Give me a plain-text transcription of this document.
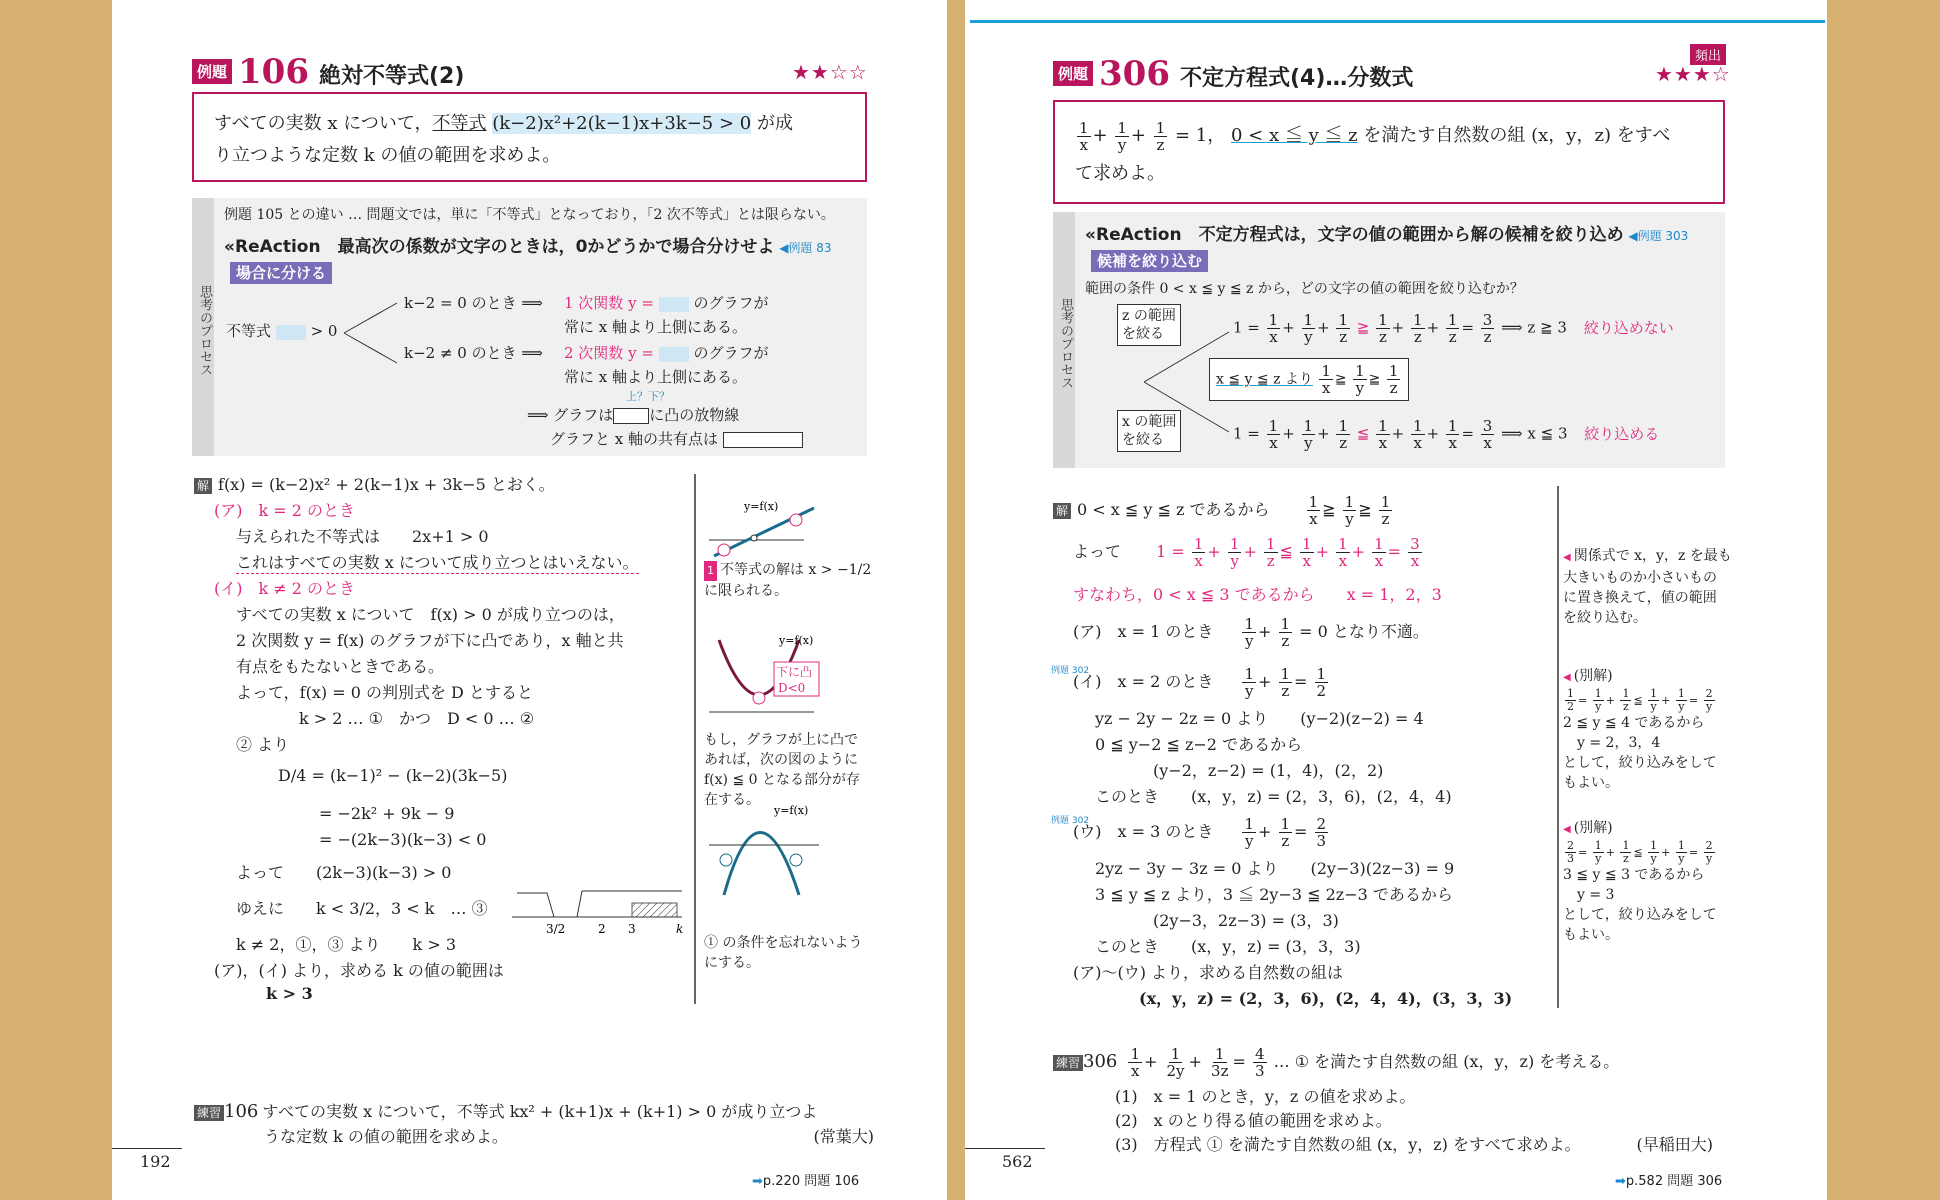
例題 106 絶対不等式(2)	★★☆☆
すべての実数 x について，不等式 (k−2)x²+2(k−1)x+3k−5 > 0 が成
り立つような定数 k の値の範囲を求めよ。
思考のプロセス
例題 105 との違い … 問題文では，単に「不等式」となっており，「2 次不等式」とは限らない。
«ReAction　最高次の係数が文字のときは，0かどうかで場合分けせよ ◀例題 83
場合に分ける
不等式	> 0
k−2 = 0 のとき ⟹ 1 次関数 y =	のグラフが
常に x 軸より上側にある。
k−2 ≠ 0 のとき ⟹ 2 次関数 y =	のグラフが
常に x 軸より上側にある。
上？下？
⟹ グラフは に凸の放物線
グラフと x 軸の共有点は
解 f(x) = (k−2)x² + 2(k−1)x + 3k−5 とおく。
(ア)　k = 2 のとき
与えられた不等式は　　2x+1 > 0
これはすべての実数 x について成り立つとはいえない。
(イ)　k ≠ 2 のとき
すべての実数 x について　f(x) > 0 が成り立つのは，
2 次関数 y = f(x) のグラフが下に凸であり，x 軸と共
有点をもたないときである。
よって，f(x) = 0 の判別式を D とすると
k > 2 … ①　かつ　D < 0 … ②
② より
D/4 = (k−1)² − (k−2)(3k−5)
= −2k² + 9k − 9
= −(2k−3)(k−3) < 0
よって　　(2k−3)(k−3) > 0
ゆえに　　k < 3/2，3 < k　… ③
k ≠ 2，①，③ より　　k > 3
(ア)，(イ) より，求める k の値の範囲は
k > 3
3/2	2 3	k
y=f(x)
1 不等式の解は x > −1/2
に限られる。
下に凸
D<0
y=f(x)
もし，グラフが上に凸で
あれば，次の図のように
f(x) ≦ 0 となる部分が存
在する。
y=f(x)
① の条件を忘れないよう
にする。
練習 106 すべての実数 x について，不等式 kx² + (k+1)x + (k+1) > 0 が成り立つよ
うな定数 k の値の範囲を求めよ。	(常葉大)
192
➡p.220 問題 106
例題 306 不定方程式(4)…分数式
頻出
★★★☆
$\frac{1}{x} + \frac{1}{y} + \frac{1}{z} = 1$， 0 < x ≦ y ≦ z を満たす自然数の組 (x，y，z) をすべ
て求めよ。
思考のプロセス
«ReAction　不定方程式は，文字の値の範囲から解の候補を絞り込め ◀例題 303
候補を絞り込む
範囲の条件 0 < x ≦ y ≦ z から，どの文字の値の範囲を絞り込むか？
z の範囲
を絞る
x の範囲
を絞る
$1 = \frac{1}{x} + \frac{1}{y} + \frac{1}{z}$ ≧ $\frac{1}{z} + \frac{1}{z} + \frac{1}{z} = \frac{3}{z}$ ⟹ z ≧ 3 絞り込めない
x ≦ y ≦ z より $\frac{1}{x}$ ≧ $\frac{1}{y}$ ≧ $\frac{1}{z}$
$1 = \frac{1}{x} + \frac{1}{y} + \frac{1}{z}$ ≦ $\frac{1}{x} + \frac{1}{x} + \frac{1}{x} = \frac{3}{x}$ ⟹ x ≦ 3 絞り込める
解 0 < x ≦ y ≦ z であるから $\frac{1}{x}$ ≧ $\frac{1}{y}$ ≧ $\frac{1}{z}$
よって $1 = \frac{1}{x} + \frac{1}{y} + \frac{1}{z}$ ≦ $\frac{1}{x} + \frac{1}{x} + \frac{1}{x} = \frac{3}{x}$
すなわち，0 < x ≦ 3 であるから　　x = 1，2，3
(ア)　x = 1 のとき $\frac{1}{y} + \frac{1}{z} = 0$ となり不適。
例題 302
(イ)　x = 2 のとき $\frac{1}{y} + \frac{1}{z} = \frac{1}{2}$
yz − 2y − 2z = 0 より　　(y−2)(z−2) = 4
0 ≦ y−2 ≦ z−2 であるから
(y−2，z−2) = (1，4)，(2，2)
このとき　　(x，y，z) = (2，3，6)，(2，4，4)
例題 302
(ウ)　x = 3 のとき $\frac{1}{y} + \frac{1}{z} = \frac{2}{3}$
2yz − 3y − 3z = 0 より　　(2y−3)(2z−3) = 9
3 ≦ y ≦ z より，3 ≦ 2y−3 ≦ 2z−3 であるから
(2y−3，2z−3) = (3，3)
このとき　　(x，y，z) = (3，3，3)
(ア)～(ウ) より，求める自然数の組は
(x，y，z) = (2，3，6)，(2，4，4)，(3，3，3)
◀ 関係式で x，y，z を最も
大きいものか小さいもの
に置き換えて，値の範囲
を絞り込む。
◀ (別解)

$\frac{1}{2} = \frac{1}{y} + \frac{1}{z}$ ≦ $\frac{1}{y} + \frac{1}{y} = \frac{2}{y}$

2 ≦ y ≦ 4 であるから
y = 2，3，4
として，絞り込みをして
もよい。
◀ (別解)

$\frac{2}{3} = \frac{1}{y} + \frac{1}{z}$ ≦ $\frac{1}{y} + \frac{1}{y} = \frac{2}{y}$

3 ≦ y ≦ 3 であるから
y = 3
として，絞り込みをして
もよい。
練習 $306 \frac{1}{x} + \frac{1}{2y} + \frac{1}{3z} = \frac{4}{3}$ … ① を満たす自然数の組 (x，y，z) を考える。
(1)　x = 1 のとき，y，z の値を求めよ。
(2)　x のとり得る値の範囲を求めよ。
(3)　方程式 ① を満たす自然数の組 (x，y，z) をすべて求めよ。	(早稲田大)
562
➡p.582 問題 306
